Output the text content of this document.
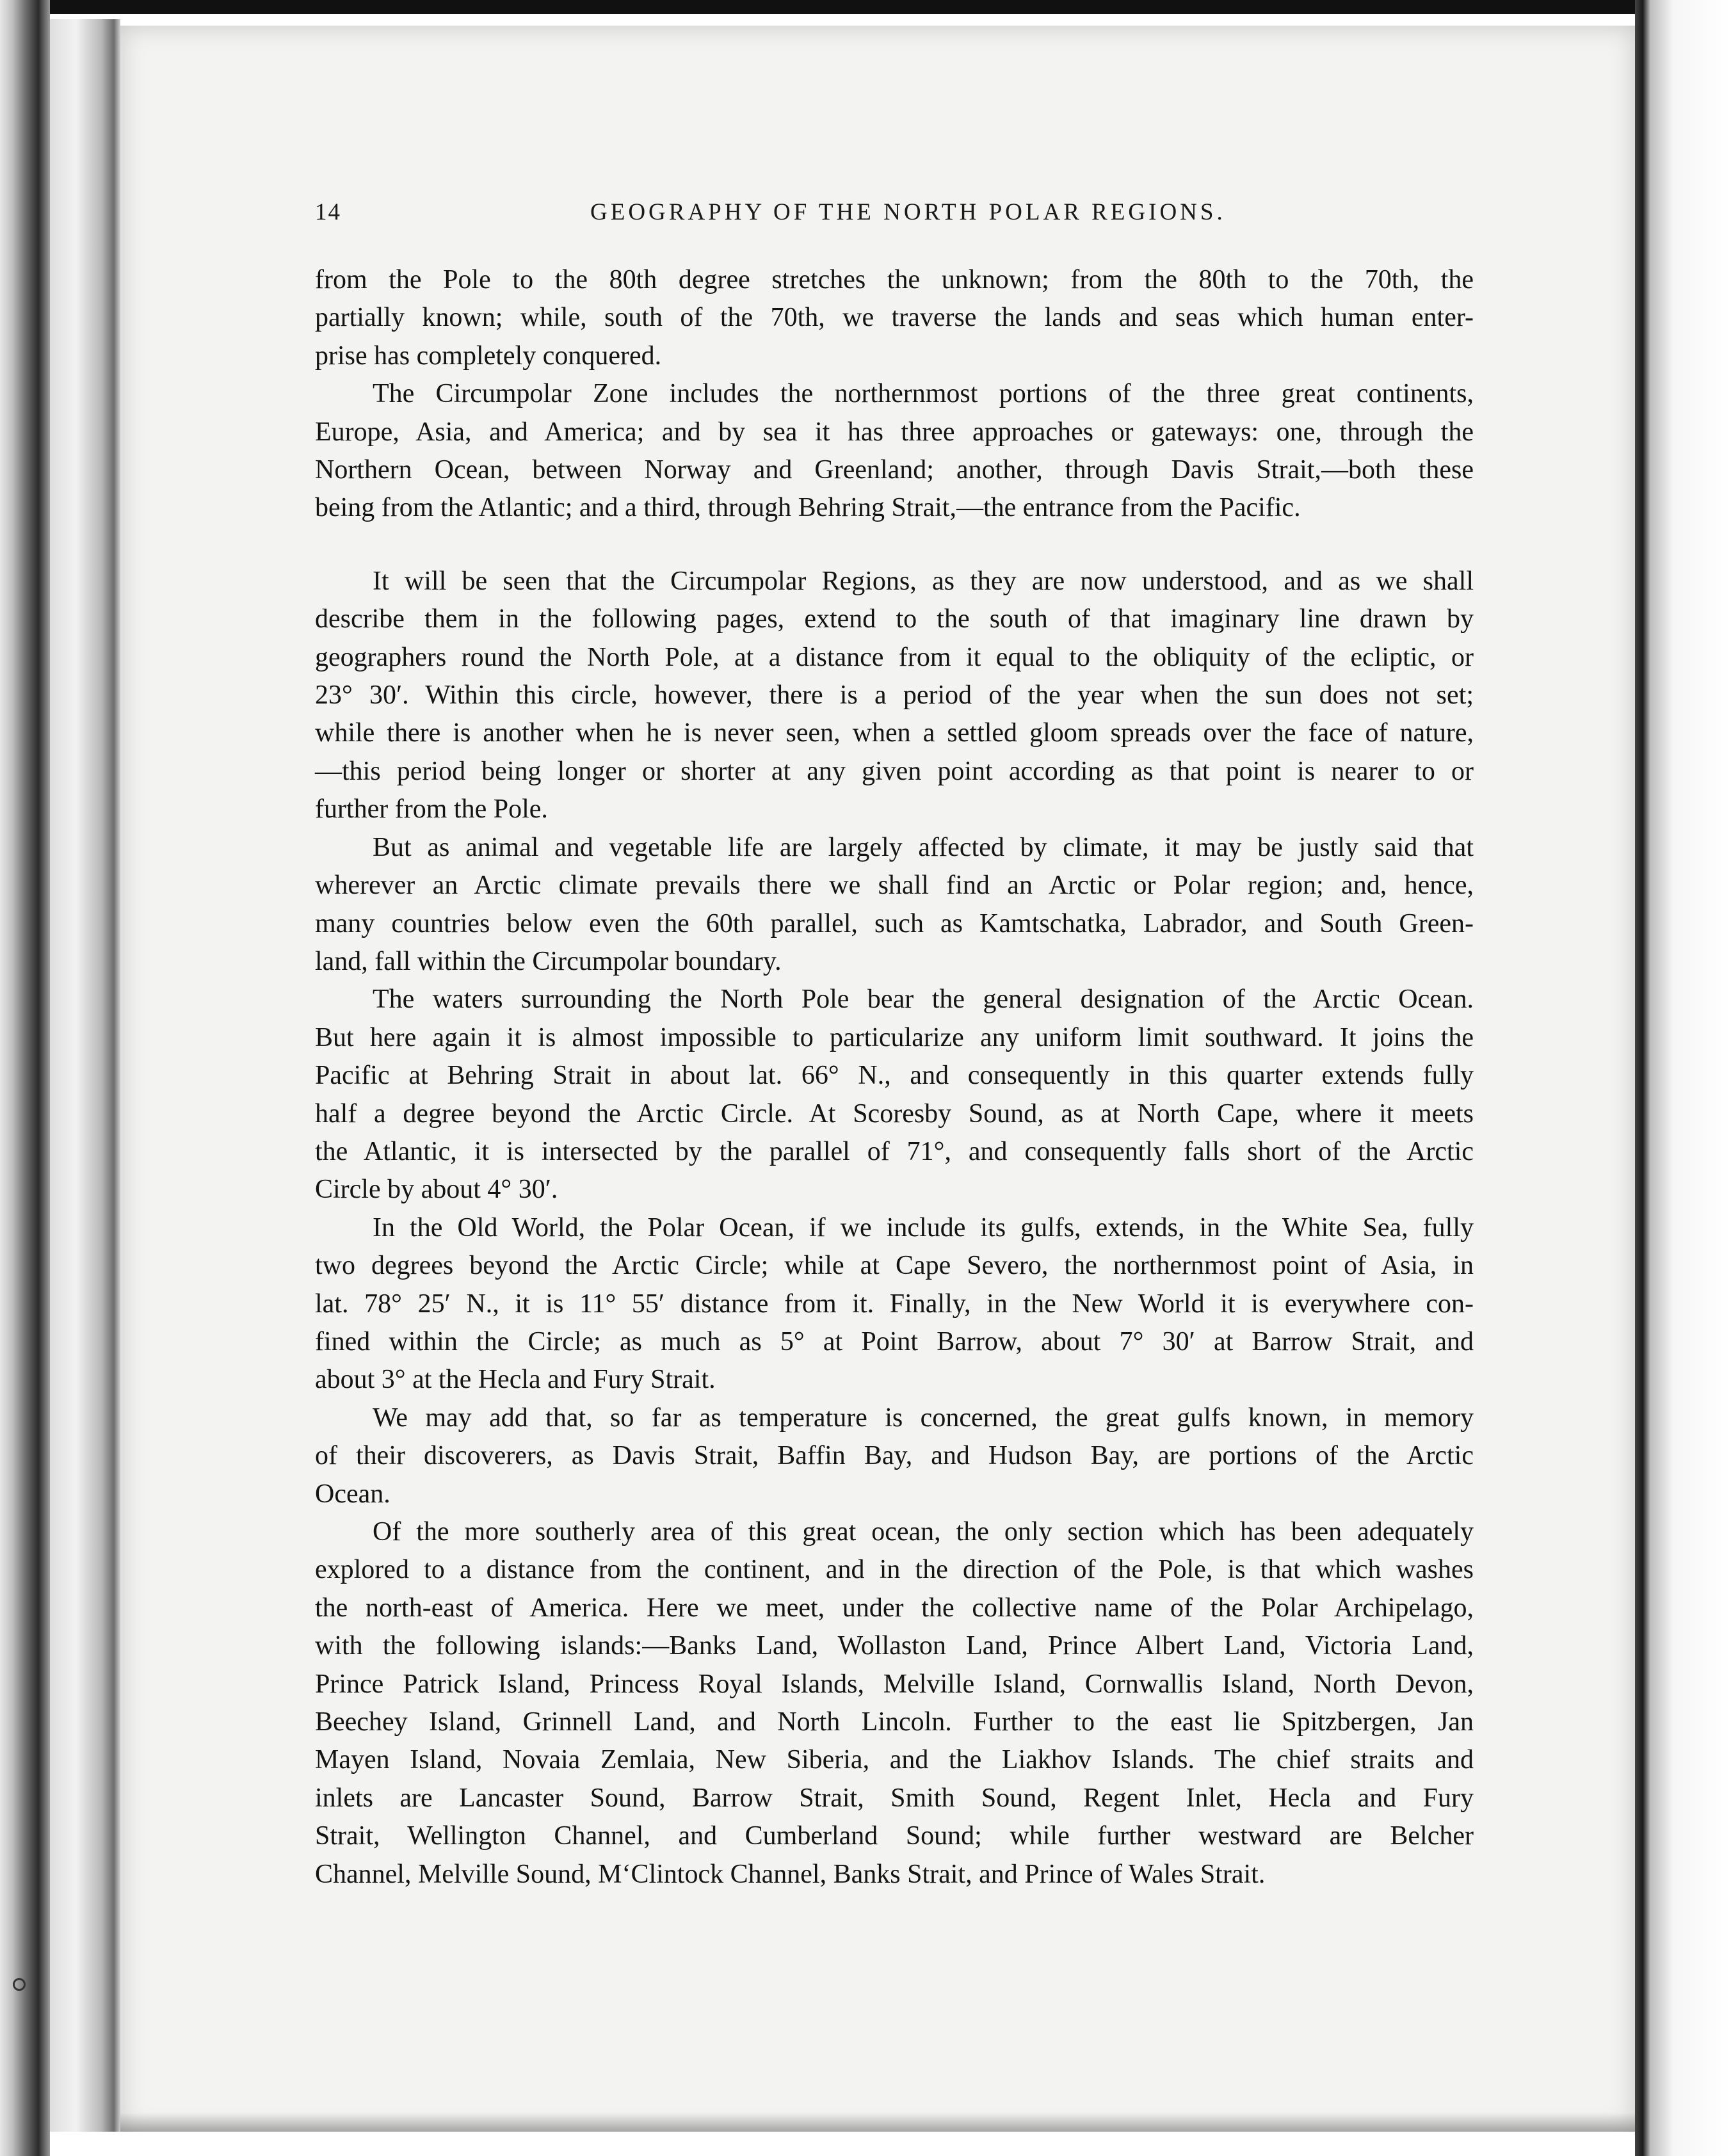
14	GEOGRAPHY OF THE NORTH POLAR REGIONS.

from the Pole to the 80th degree stretches the unknown; from the 80th to the 70th, the
partially known; while, south of the 70th, we traverse the lands and seas which human enter-
prise has completely conquered.

The Circumpolar Zone includes the northernmost portions of the three great continents,
Europe, Asia, and America; and by sea it has three approaches or gateways: one, through the
Northern Ocean, between Norway and Greenland; another, through Davis Strait,—both these
being from the Atlantic; and a third, through Behring Strait,—the entrance from the Pacific.

It will be seen that the Circumpolar Regions, as they are now understood, and as we shall
describe them in the following pages, extend to the south of that imaginary line drawn by
geographers round the North Pole, at a distance from it equal to the obliquity of the ecliptic, or
23° 30′. Within this circle, however, there is a period of the year when the sun does not set;
while there is another when he is never seen, when a settled gloom spreads over the face of nature,
—this period being longer or shorter at any given point according as that point is nearer to or
further from the Pole.

But as animal and vegetable life are largely affected by climate, it may be justly said that
wherever an Arctic climate prevails there we shall find an Arctic or Polar region; and, hence,
many countries below even the 60th parallel, such as Kamtschatka, Labrador, and South Green-
land, fall within the Circumpolar boundary.

The waters surrounding the North Pole bear the general designation of the Arctic Ocean.
But here again it is almost impossible to particularize any uniform limit southward. It joins the
Pacific at Behring Strait in about lat. 66° N., and consequently in this quarter extends fully
half a degree beyond the Arctic Circle. At Scoresby Sound, as at North Cape, where it meets
the Atlantic, it is intersected by the parallel of 71°, and consequently falls short of the Arctic
Circle by about 4° 30′.

In the Old World, the Polar Ocean, if we include its gulfs, extends, in the White Sea, fully
two degrees beyond the Arctic Circle; while at Cape Severo, the northernmost point of Asia, in
lat. 78° 25′ N., it is 11° 55′ distance from it. Finally, in the New World it is everywhere con-
fined within the Circle; as much as 5° at Point Barrow, about 7° 30′ at Barrow Strait, and
about 3° at the Hecla and Fury Strait.

We may add that, so far as temperature is concerned, the great gulfs known, in memory
of their discoverers, as Davis Strait, Baffin Bay, and Hudson Bay, are portions of the Arctic
Ocean.

Of the more southerly area of this great ocean, the only section which has been adequately
explored to a distance from the continent, and in the direction of the Pole, is that which washes
the north-east of America. Here we meet, under the collective name of the Polar Archipelago,
with the following islands:—Banks Land, Wollaston Land, Prince Albert Land, Victoria Land,
Prince Patrick Island, Princess Royal Islands, Melville Island, Cornwallis Island, North Devon,
Beechey Island, Grinnell Land, and North Lincoln. Further to the east lie Spitzbergen, Jan
Mayen Island, Novaia Zemlaia, New Siberia, and the Liakhov Islands. The chief straits and
inlets are Lancaster Sound, Barrow Strait, Smith Sound, Regent Inlet, Hecla and Fury
Strait, Wellington Channel, and Cumberland Sound; while further westward are Belcher
Channel, Melville Sound, M‘Clintock Channel, Banks Strait, and Prince of Wales Strait.
